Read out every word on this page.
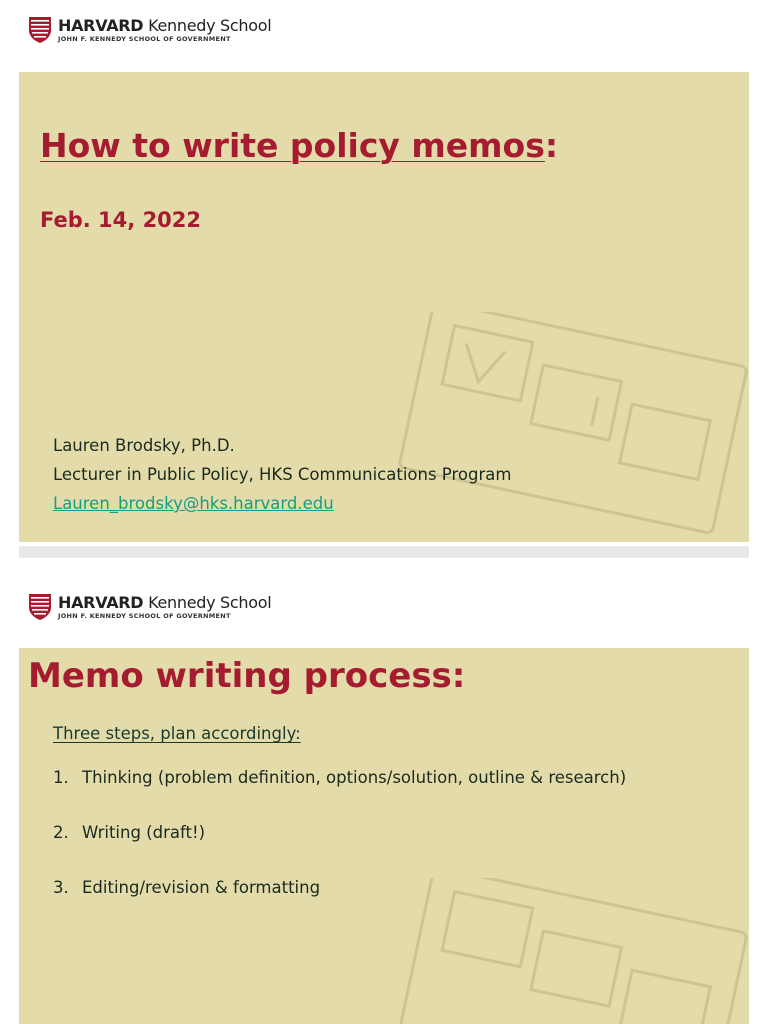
HARVARD Kennedy School
JOHN F. KENNEDY SCHOOL OF GOVERNMENT
How to write policy memos:
Feb. 14, 2022
Lauren Brodsky, Ph.D.
Lecturer in Public Policy, HKS Communications Program
Lauren_brodsky@hks.harvard.edu
HARVARD Kennedy School
JOHN F. KENNEDY SCHOOL OF GOVERNMENT
Memo writing process:
Three steps, plan accordingly:
1. Thinking (problem definition, options/solution, outline & research)
2. Writing (draft!)
3. Editing/revision & formatting
